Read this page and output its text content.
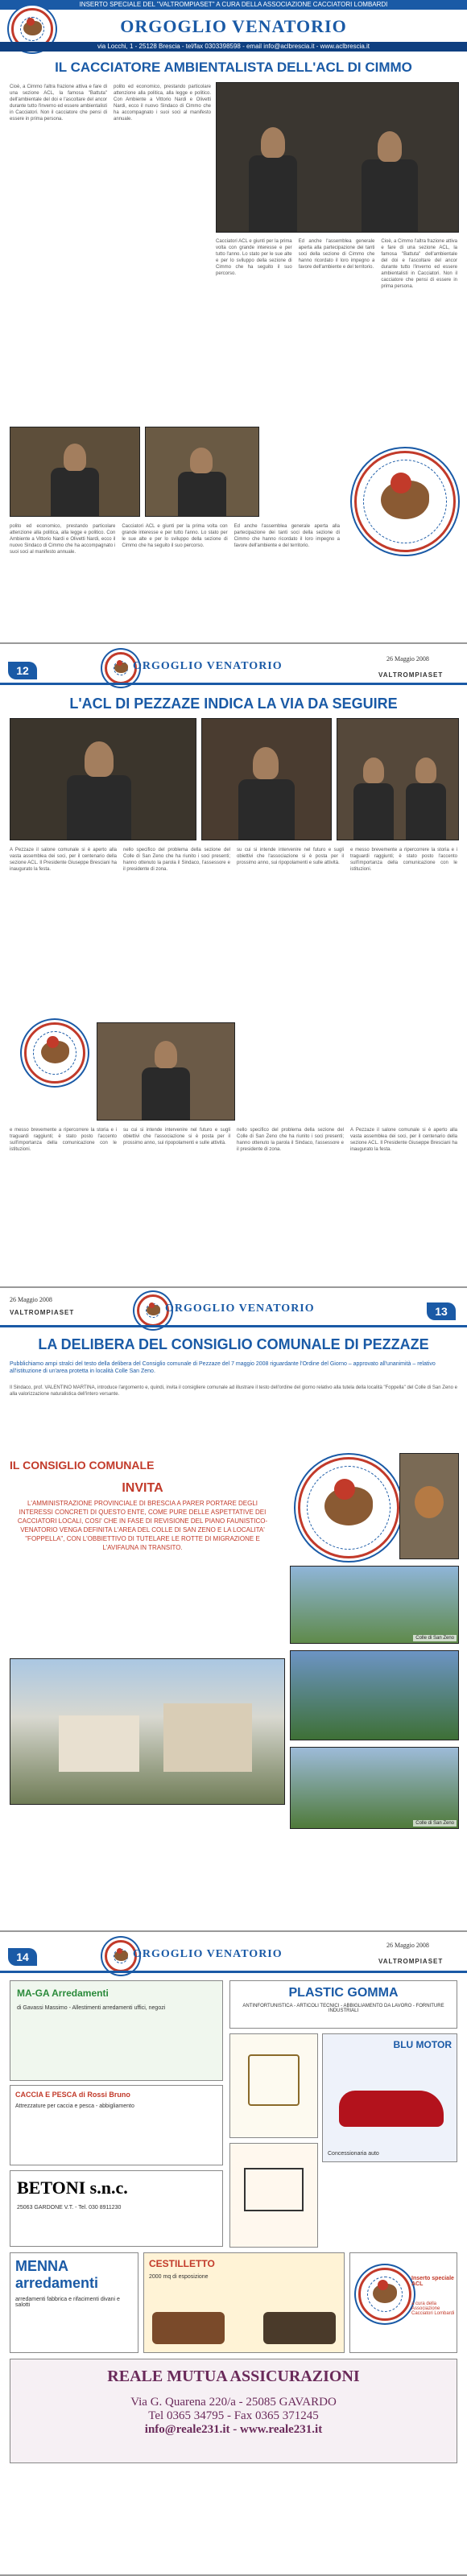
INSERTO SPECIALE DEL "VALTROMPIASET" A CURA DELLA ASSOCIAZIONE CACCIATORI LOMBARDI
ORGOGLIO VENATORIO
via Locchi, 1 - 25128 Brescia - tel/fax 0303398598 - email info@aclbrescia.it - www.aclbrescia.it
IL CACCIATORE AMBIENTALISTA DELL'ACL DI CIMMO
Cioè, a Cimmo l'altra frazione attiva e fare di una sezione ACL, la famosa "Battuta" dell'ambientale del doi e l'ascoltare del ancor durante tutto l'inverno ed essere ambientalisti in Cacciatori. Non il cacciatore che pensi di essere in prima persona.
polito ed economico, prestando particolare attenzione alla politica, alla legge e politico. Con Ambiente a Vittorio Nardi e Olivetti Nardi, ecco il nuovo Sindaco di Cimmo che ha accompagnato i suoi soci al manifesto annuale.
Cacciatori ACL e giunti per la prima volta con grande interesse e per tutto l'anno. Lo stato per le sue alte e per lo sviluppo della sezione di Cimmo che ha seguito il suo percorso.
Ed anche l'assemblea generale aperta alla partecipazione dei tanti soci della sezione di Cimmo che hanno ricordato il loro impegno a favore dell'ambiente e del territorio.
Cioè, a Cimmo l'altra frazione attiva e fare di una sezione ACL, la famosa "Battuta" dell'ambientale del doi e l'ascoltare del ancor durante tutto l'inverno ed essere ambientalisti in Cacciatori. Non il cacciatore che pensi di essere in prima persona.
polito ed economico, prestando particolare attenzione alla politica, alla legge e politico. Con Ambiente a Vittorio Nardi e Olivetti Nardi, ecco il nuovo Sindaco di Cimmo che ha accompagnato i suoi soci al manifesto annuale.
Cacciatori ACL e giunti per la prima volta con grande interesse e per tutto l'anno. Lo stato per le sue alte e per lo sviluppo della sezione di Cimmo che ha seguito il suo percorso.
Ed anche l'assemblea generale aperta alla partecipazione dei tanti soci della sezione di Cimmo che hanno ricordato il loro impegno a favore dell'ambiente e del territorio.
12	ORGOGLIO VENATORIO
26 Maggio 2008
VALTROMPIASET
L'ACL DI PEZZAZE INDICA LA VIA DA SEGUIRE
A Pezzaze il salone comunale si è aperto alla vasta assemblea dei soci, per il centenario della sezione ACL. Il Presidente Giuseppe Bresciani ha inaugurato la festa.
nello specifico del problema della sezione del Colle di San Zeno che ha riunito i soci presenti; hanno ottenuto la parola il Sindaco, l'assessore e il presidente di zona.
su cui si intende intervenire nel futuro e sugli obiettivi che l'associazione si è posta per il prossimo anno, sui ripopolamenti e sulle attività.
e messo brevemente a ripercorrere la storia e i traguardi raggiunti; è stato posto l'accento sull'importanza della comunicazione con le istituzioni.
e messo brevemente a ripercorrere la storia e i traguardi raggiunti; è stato posto l'accento sull'importanza della comunicazione con le istituzioni.
su cui si intende intervenire nel futuro e sugli obiettivi che l'associazione si è posta per il prossimo anno, sui ripopolamenti e sulle attività.
nello specifico del problema della sezione del Colle di San Zeno che ha riunito i soci presenti; hanno ottenuto la parola il Sindaco, l'assessore e il presidente di zona.
A Pezzaze il salone comunale si è aperto alla vasta assemblea dei soci, per il centenario della sezione ACL. Il Presidente Giuseppe Bresciani ha inaugurato la festa.
26 Maggio 2008
VALTROMPIASET	ORGOGLIO VENATORIO	13
LA DELIBERA DEL CONSIGLIO COMUNALE DI PEZZAZE
Pubblichiamo ampi stralci del testo della delibera del Consiglio comunale di Pezzaze del 7 maggio 2008 riguardante l'Ordine del Giorno – approvato all'unanimità – relativo all'istituzione di un'area protetta in località Colle San Zeno.
Il Sindaco, prof. VALENTINO MARTINA, introduce l'argomento e, quindi, invita il consigliere comunale ad illustrare il testo dell'ordine del giorno relativo alla tutela della località "Foppella" del Colle di San Zeno e alla valorizzazione naturalistica dell'intero versante.
IL CONSIGLIO COMUNALE
INVITA
L'AMMINISTRAZIONE PROVINCIALE DI BRESCIA A PARER PORTARE DEGLI INTERESSI CONCRETI DI QUESTO ENTE, COME PURE DELLE ASPETTATIVE DEI CACCIATORI LOCALI, COSI' CHE IN FASE DI REVISIONE DEL PIANO FAUNISTICO-VENATORIO VENGA DEFINITA L'AREA DEL COLLE DI SAN ZENO E LA LOCALITA' "FOPPELLA", CON L'OBBIETTIVO DI TUTELARE LE ROTTE DI MIGRAZIONE E L'AVIFAUNA IN TRANSITO.
Colle di San Zeno
Colle di San Zeno
14	ORGOGLIO VENATORIO
26 Maggio 2008
VALTROMPIASET
MA-GA Arredamenti
di Gavassi Massimo - Allestimenti arredamenti uffici, negozi
PLASTIC GOMMA
ANTINFORTUNISTICA - ARTICOLI TECNICI - ABBIGLIAMENTO DA LAVORO - FORNITURE INDUSTRIALI
BLU MOTOR
Concessionaria auto
CACCIA E PESCA di Rossi Bruno
Attrezzature per caccia e pesca - abbigliamento
BETONI s.n.c.
25063 GARDONE V.T. - Tel. 030 8911230
MENNA arredamenti
arredamenti fabbrica e rifacimenti divani e salotti
CESTILLETTO
2000 mq di esposizione	Inserto speciale ACL
a cura della Associazione Cacciatori Lombardi
REALE MUTUA ASSICURAZIONI
Via G. Quarena 220/a - 25085 GAVARDO
Tel 0365 34795 - Fax 0365 371245
info@reale231.it - www.reale231.it
